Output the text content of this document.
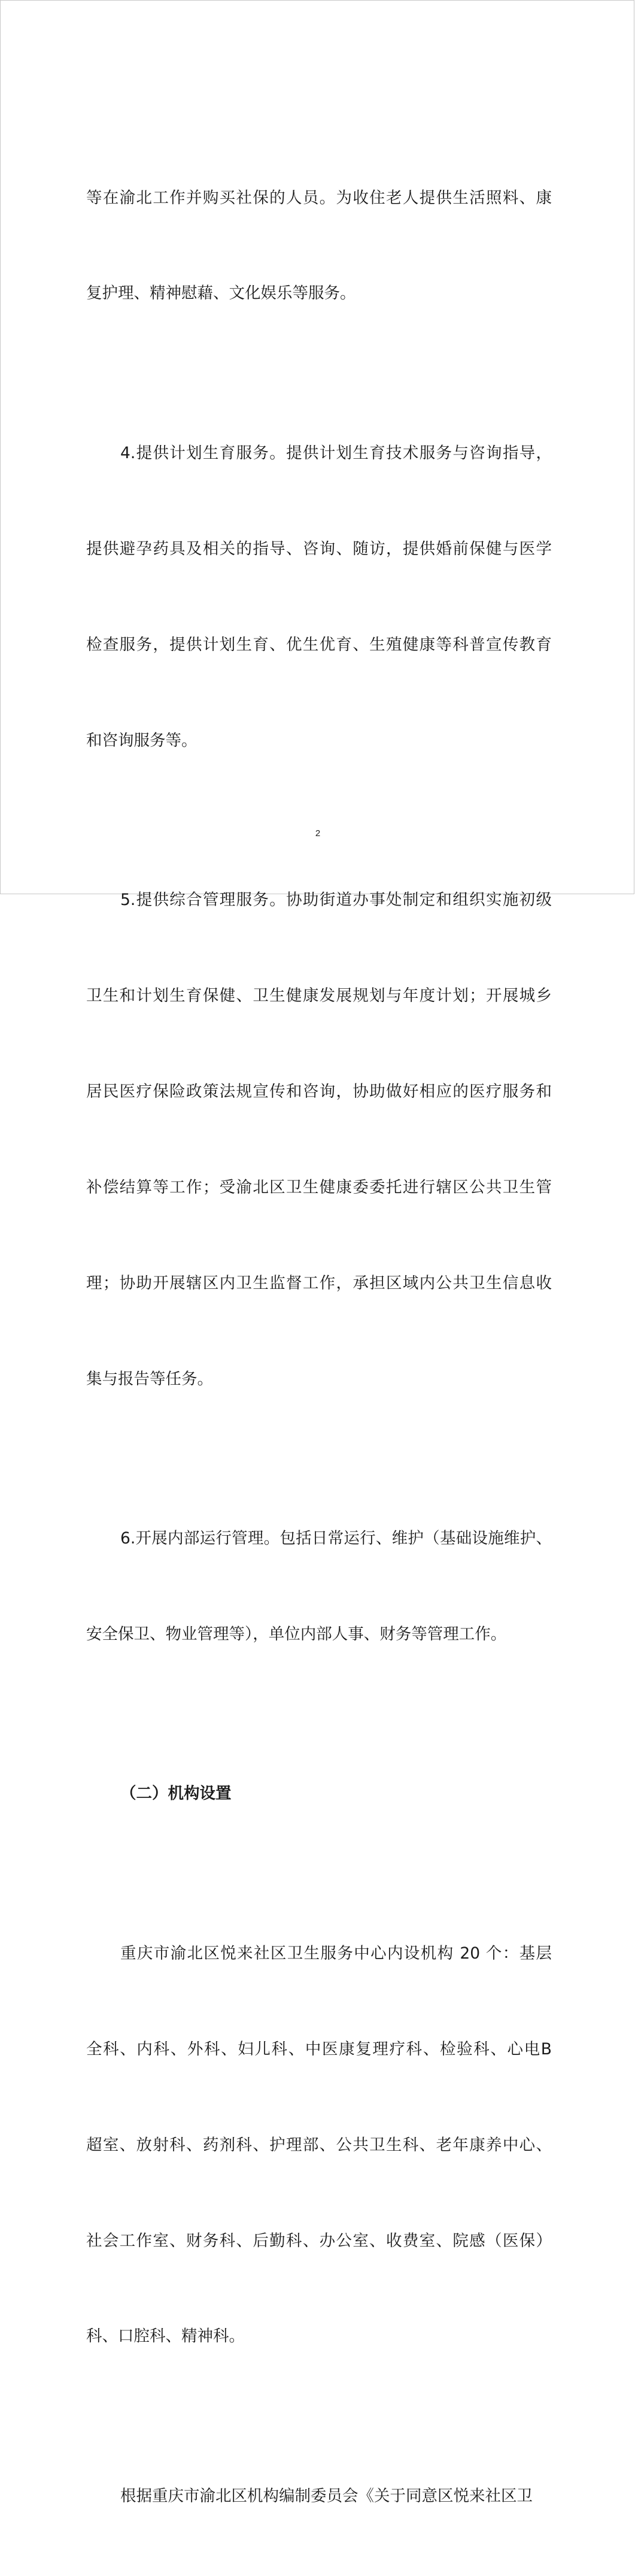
等在渝北工作并购买社保的人员。为收住老人提供生活照料、康

复护理、精神慰藉、文化娱乐等服务。

4.提供计划生育服务。提供计划生育技术服务与咨询指导，

提供避孕药具及相关的指导、咨询、随访，提供婚前保健与医学

检查服务，提供计划生育、优生优育、生殖健康等科普宣传教育

和咨询服务等。

5.提供综合管理服务。协助街道办事处制定和组织实施初级

卫生和计划生育保健、卫生健康发展规划与年度计划；开展城乡

居民医疗保险政策法规宣传和咨询，协助做好相应的医疗服务和

补偿结算等工作；受渝北区卫生健康委委托进行辖区公共卫生管

理；协助开展辖区内卫生监督工作，承担区域内公共卫生信息收

集与报告等任务。

6.开展内部运行管理。包括日常运行、维护（基础设施维护、

安全保卫、物业管理等），单位内部人事、财务等管理工作。

（二）机构设置

重庆市渝北区悦来社区卫生服务中心内设机构 20 个：基层

全科、内科、外科、妇儿科、中医康复理疗科、检验科、心电B

超室、放射科、药剂科、护理部、公共卫生科、老年康养中心、

社会工作室、财务科、后勤科、办公室、收费室、院感（医保）

科、口腔科、精神科。

根据重庆市渝北区机构编制委员会《关于同意区悦来社区卫

2
